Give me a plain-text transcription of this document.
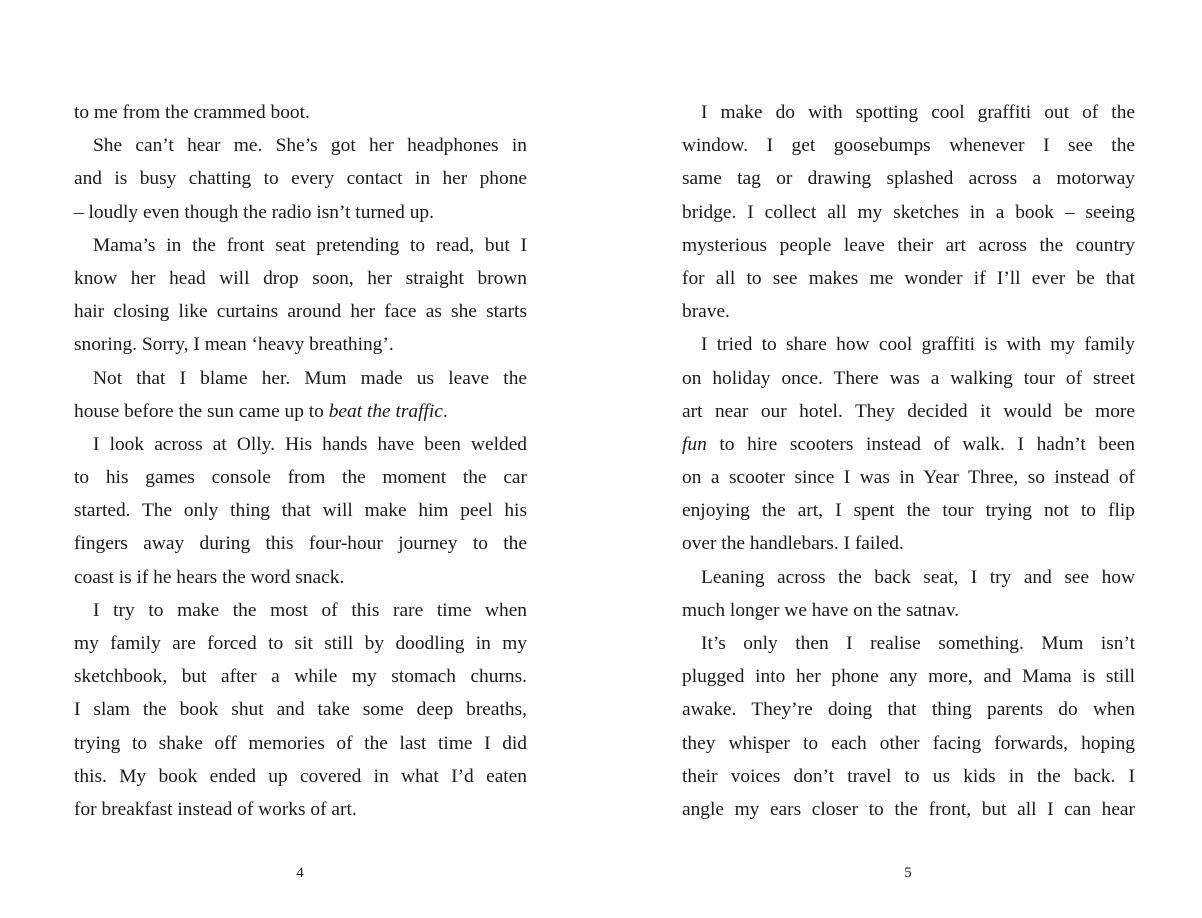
to me from the crammed boot.
She can’t hear me. She’s got her headphones in
and is busy chatting to every contact in her phone
– loudly even though the radio isn’t turned up.
Mama’s in the front seat pretending to read, but I
know her head will drop soon, her straight brown
hair closing like curtains around her face as she starts
snoring. Sorry, I mean ‘heavy breathing’.
Not that I blame her. Mum made us leave the
house before the sun came up to beat the traffic.
I look across at Olly. His hands have been welded
to his games console from the moment the car
started. The only thing that will make him peel his
fingers away during this four-hour journey to the
coast is if he hears the word snack.
I try to make the most of this rare time when
my family are forced to sit still by doodling in my
sketchbook, but after a while my stomach churns.
I slam the book shut and take some deep breaths,
trying to shake off memories of the last time I did
this. My book ended up covered in what I’d eaten
for breakfast instead of works of art.
I make do with spotting cool graffiti out of the
window. I get goosebumps whenever I see the
same tag or drawing splashed across a motorway
bridge. I collect all my sketches in a book – seeing
mysterious people leave their art across the country
for all to see makes me wonder if I’ll ever be that
brave.
I tried to share how cool graffiti is with my family
on holiday once. There was a walking tour of street
art near our hotel. They decided it would be more
fun to hire scooters instead of walk. I hadn’t been
on a scooter since I was in Year Three, so instead of
enjoying the art, I spent the tour trying not to flip
over the handlebars. I failed.
Leaning across the back seat, I try and see how
much longer we have on the satnav.
It’s only then I realise something. Mum isn’t
plugged into her phone any more, and Mama is still
awake. They’re doing that thing parents do when
they whisper to each other facing forwards, hoping
their voices don’t travel to us kids in the back. I
angle my ears closer to the front, but all I can hear
4	5
